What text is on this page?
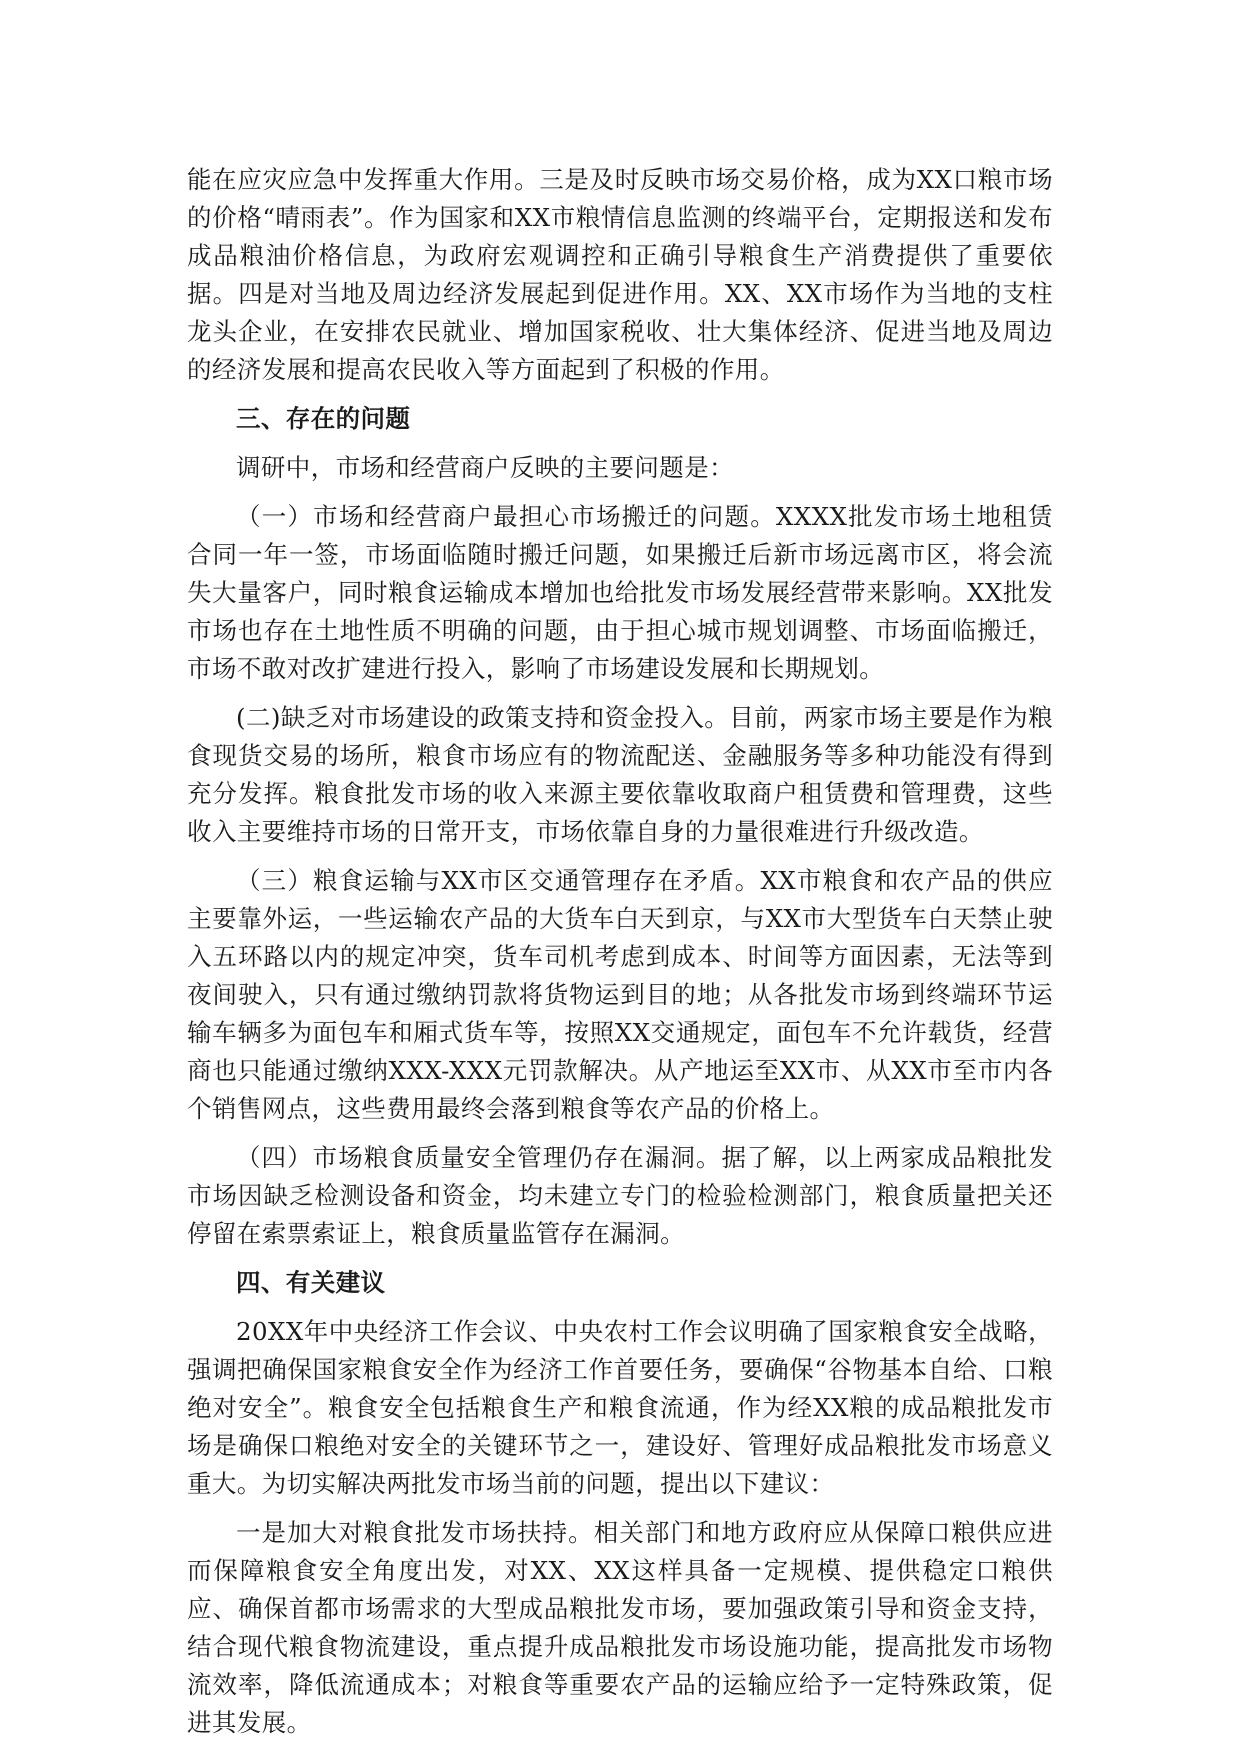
能在应灾应急中发挥重大作用。三是及时反映市场交易价格，成为XX口粮市场的价格“晴雨表”。作为国家和XX市粮情信息监测的终端平台，定期报送和发布成品粮油价格信息，为政府宏观调控和正确引导粮食生产消费提供了重要依据。四是对当地及周边经济发展起到促进作用。XX、XX市场作为当地的支柱龙头企业，在安排农民就业、增加国家税收、壮大集体经济、促进当地及周边的经济发展和提高农民收入等方面起到了积极的作用。

三、存在的问题

调研中，市场和经营商户反映的主要问题是：

（一）市场和经营商户最担心市场搬迁的问题。XXXX批发市场土地租赁合同一年一签，市场面临随时搬迁问题，如果搬迁后新市场远离市区，将会流失大量客户，同时粮食运输成本增加也给批发市场发展经营带来影响。XX批发市场也存在土地性质不明确的问题，由于担心城市规划调整、市场面临搬迁，市场不敢对改扩建进行投入，影响了市场建设发展和长期规划。

(二)缺乏对市场建设的政策支持和资金投入。目前，两家市场主要是作为粮食现货交易的场所，粮食市场应有的物流配送、金融服务等多种功能没有得到充分发挥。粮食批发市场的收入来源主要依靠收取商户租赁费和管理费，这些收入主要维持市场的日常开支，市场依靠自身的力量很难进行升级改造。

（三）粮食运输与XX市区交通管理存在矛盾。XX市粮食和农产品的供应主要靠外运，一些运输农产品的大货车白天到京，与XX市大型货车白天禁止驶入五环路以内的规定冲突，货车司机考虑到成本、时间等方面因素，无法等到夜间驶入，只有通过缴纳罚款将货物运到目的地；从各批发市场到终端环节运输车辆多为面包车和厢式货车等，按照XX交通规定，面包车不允许载货，经营商也只能通过缴纳XXX-XXX元罚款解决。从产地运至XX市、从XX市至市内各个销售网点，这些费用最终会落到粮食等农产品的价格上。

（四）市场粮食质量安全管理仍存在漏洞。据了解，以上两家成品粮批发市场因缺乏检测设备和资金，均未建立专门的检验检测部门，粮食质量把关还停留在索票索证上，粮食质量监管存在漏洞。

四、有关建议

20XX年中央经济工作会议、中央农村工作会议明确了国家粮食安全战略，强调把确保国家粮食安全作为经济工作首要任务，要确保“谷物基本自给、口粮绝对安全”。粮食安全包括粮食生产和粮食流通，作为经XX粮的成品粮批发市场是确保口粮绝对安全的关键环节之一，建设好、管理好成品粮批发市场意义重大。为切实解决两批发市场当前的问题，提出以下建议：

一是加大对粮食批发市场扶持。相关部门和地方政府应从保障口粮供应进而保障粮食安全角度出发，对XX、XX这样具备一定规模、提供稳定口粮供应、确保首都市场需求的大型成品粮批发市场，要加强政策引导和资金支持，结合现代粮食物流建设，重点提升成品粮批发市场设施功能，提高批发市场物流效率，降低流通成本；对粮食等重要农产品的运输应给予一定特殊政策，促进其发展。
